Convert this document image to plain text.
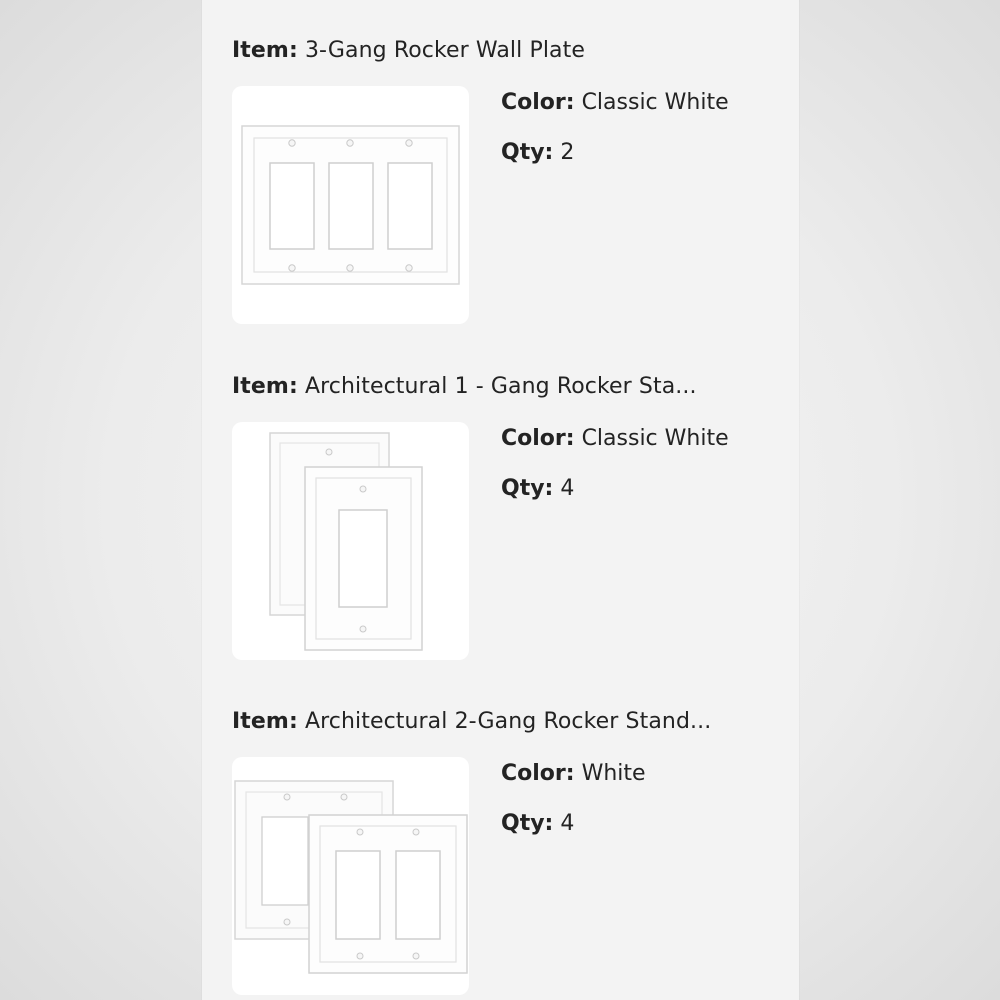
Item: 3-Gang Rocker Wall Plate
Color: Classic White
Qty: 2
Item: Architectural 1 - Gang Rocker Sta...
Color: Classic White
Qty: 4
Item: Architectural 2-Gang Rocker Stand...
Color: White
Qty: 4
